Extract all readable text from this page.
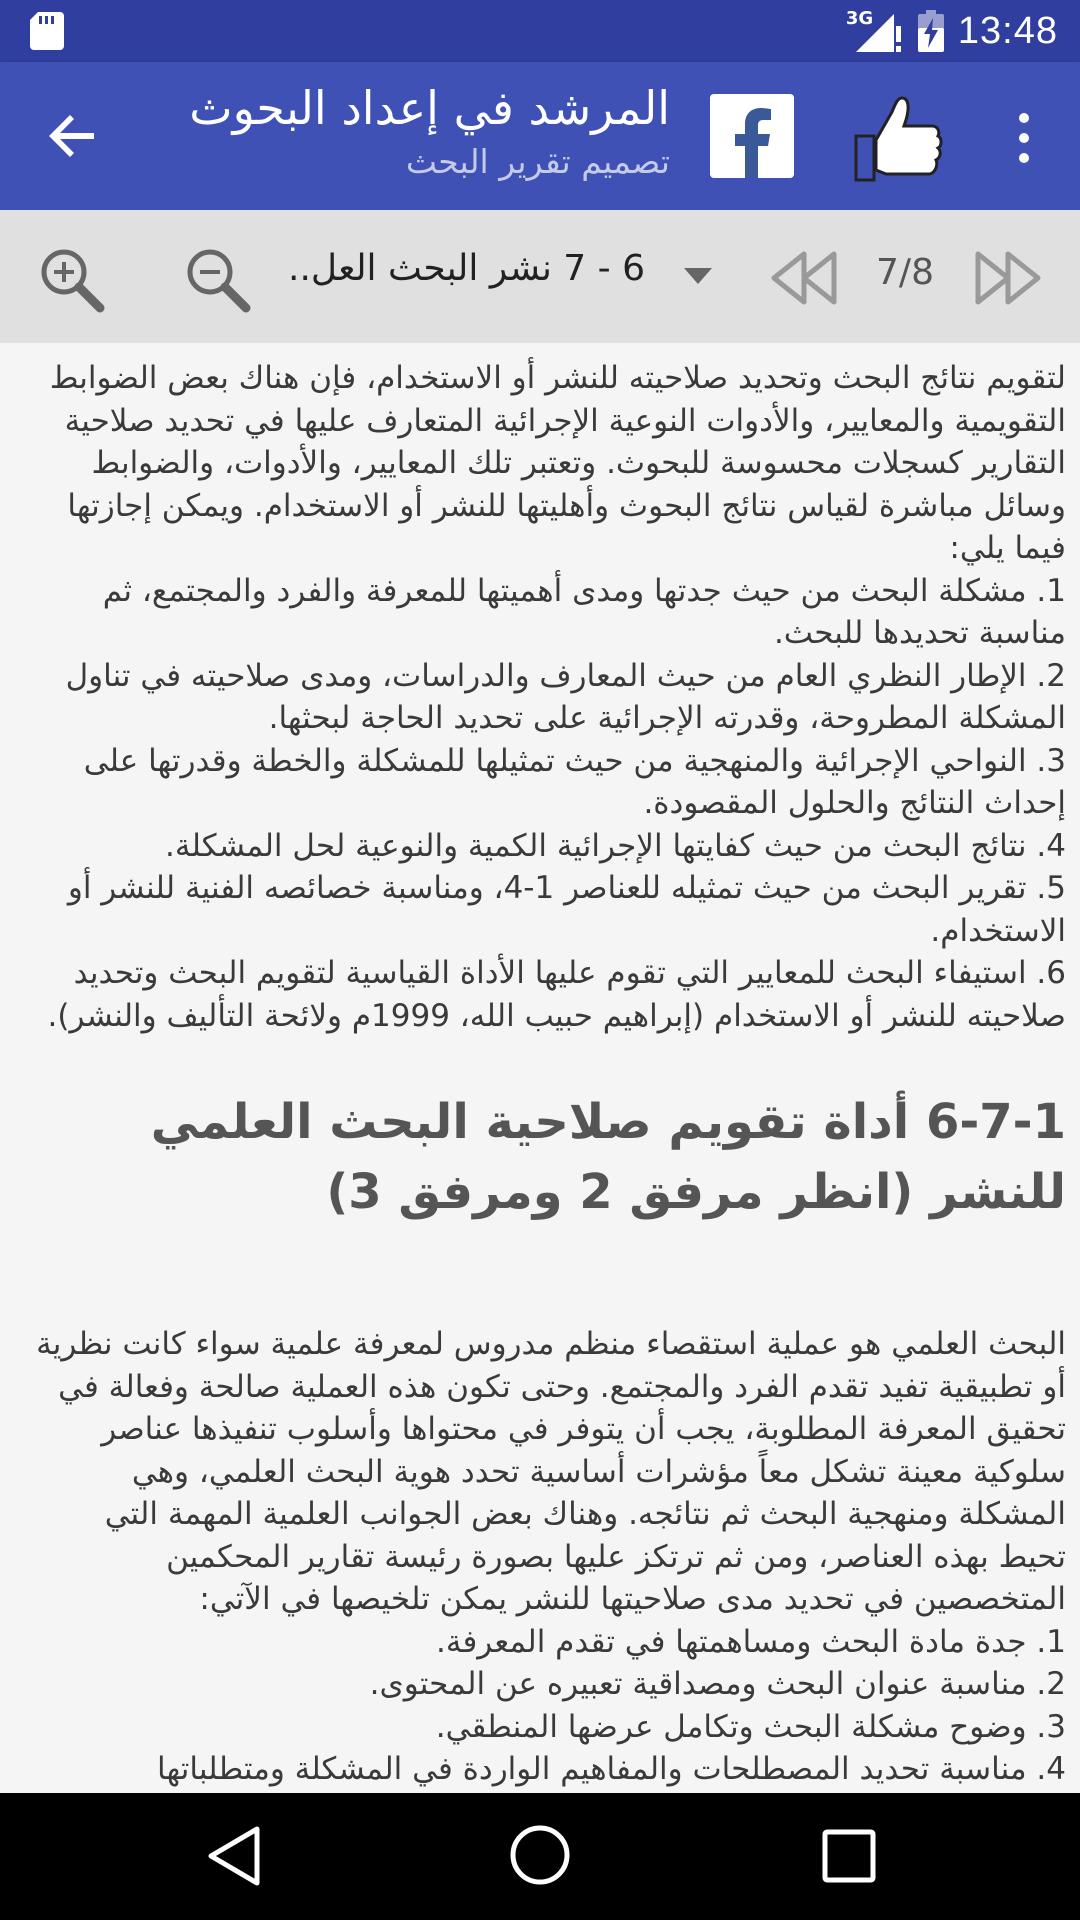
3G 13:48
المرشد في إعداد البحوث
تصميم تقرير البحث
6 - 7 نشر البحث العل..	7/8

لتقويم نتائج البحث وتحديد صلاحيته للنشر أو الاستخدام، فإن هناك بعض الضوابط التقويمية والمعايير، والأدوات النوعية الإجرائية المتعارف عليها في تحديد صلاحية التقارير كسجلات محسوسة للبحوث. وتعتبر تلك المعايير، والأدوات، والضوابط وسائل مباشرة لقياس نتائج البحوث وأهليتها للنشر أو الاستخدام. ويمكن إجازتها فيما يلي:

1. مشكلة البحث من حيث جدتها ومدى أهميتها للمعرفة والفرد والمجتمع، ثم مناسبة تحديدها للبحث.
2. الإطار النظري العام من حيث المعارف والدراسات، ومدى صلاحيته في تناول المشكلة المطروحة، وقدرته الإجرائية على تحديد الحاجة لبحثها.
3. النواحي الإجرائية والمنهجية من حيث تمثيلها للمشكلة والخطة وقدرتها على إحداث النتائج والحلول المقصودة.
4. نتائج البحث من حيث كفايتها الإجرائية الكمية والنوعية لحل المشكلة.
5. تقرير البحث من حيث تمثيله للعناصر 1-4، ومناسبة خصائصه الفنية للنشر أو الاستخدام.
6. استيفاء البحث للمعايير التي تقوم عليها الأداة القياسية لتقويم البحث وتحديد صلاحيته للنشر أو الاستخدام (إبراهيم حبيب الله، 1999م ولائحة التأليف والنشر).
6-7-1 أداة تقويم صلاحية البحث العلمي للنشر (انظر مرفق 2 ومرفق 3)

البحث العلمي هو عملية استقصاء منظم مدروس لمعرفة علمية سواء كانت نظرية أو تطبيقية تفيد تقدم الفرد والمجتمع. وحتى تكون هذه العملية صالحة وفعالة في تحقيق المعرفة المطلوبة، يجب أن يتوفر في محتواها وأسلوب تنفيذها عناصر سلوكية معينة تشكل معاً مؤشرات أساسية تحدد هوية البحث العلمي، وهي المشكلة ومنهجية البحث ثم نتائجه. وهناك بعض الجوانب العلمية المهمة التي تحيط بهذه العناصر، ومن ثم ترتكز عليها بصورة رئيسة تقارير المحكمين المتخصصين في تحديد مدى صلاحيتها للنشر يمكن تلخيصها في الآتي:

1. جدة مادة البحث ومساهمتها في تقدم المعرفة.
2. مناسبة عنوان البحث ومصداقية تعبيره عن المحتوى.
3. وضوح مشكلة البحث وتكامل عرضها المنطقي.
4. مناسبة تحديد المصطلحات والمفاهيم الواردة في المشكلة ومتطلباتها
